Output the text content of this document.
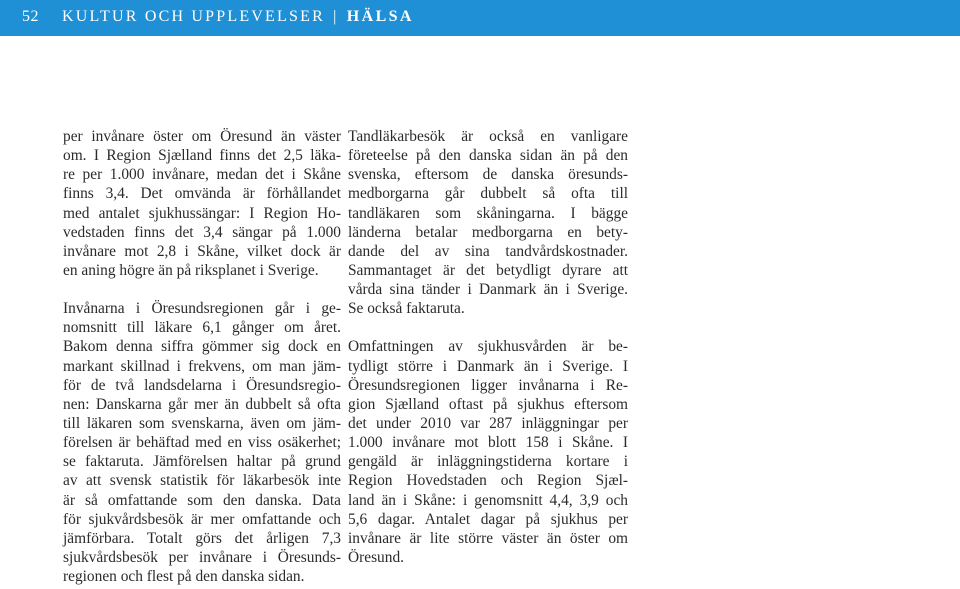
52 KULTUR OCH UPPLEVELSER | HÄLSA
per invånare öster om Öresund än väster
om. I Region Sjælland finns det 2,5 läka-
re per 1.000 invånare, medan det i Skåne
finns 3,4. Det omvända är förhållandet
med antalet sjukhussängar: I Region Ho-
vedstaden finns det 3,4 sängar på 1.000
invånare mot 2,8 i Skåne, vilket dock är
en aning högre än på riksplanet i Sverige.
Invånarna i Öresundsregionen går i ge-
nomsnitt till läkare 6,1 gånger om året.
Bakom denna siffra gömmer sig dock en
markant skillnad i frekvens, om man jäm-
för de två landsdelarna i Öresundsregio-
nen: Danskarna går mer än dubbelt så ofta
till läkaren som svenskarna, även om jäm-
förelsen är behäftad med en viss osäkerhet;
se faktaruta. Jämförelsen haltar på grund
av att svensk statistik för läkarbesök inte
är så omfattande som den danska. Data
för sjukvårdsbesök är mer omfattande och
jämförbara. Totalt görs det årligen 7,3
sjukvårdsbesök per invånare i Öresunds-
regionen och flest på den danska sidan.
Tandläkarbesök är också en vanligare
företeelse på den danska sidan än på den
svenska, eftersom de danska öresunds-
medborgarna går dubbelt så ofta till
tandläkaren som skåningarna. I bägge
länderna betalar medborgarna en bety-
dande del av sina tandvårdskostnader.
Sammantaget är det betydligt dyrare att
vårda sina tänder i Danmark än i Sverige.
Se också faktaruta.
Omfattningen av sjukhusvården är be-
tydligt större i Danmark än i Sverige. I
Öresundsregionen ligger invånarna i Re-
gion Sjælland oftast på sjukhus eftersom
det under 2010 var 287 inläggningar per
1.000 invånare mot blott 158 i Skåne. I
gengäld är inläggningstiderna kortare i
Region Hovedstaden och Region Sjæl-
land än i Skåne: i genomsnitt 4,4, 3,9 och
5,6 dagar. Antalet dagar på sjukhus per
invånare är lite större väster än öster om
Öresund.
